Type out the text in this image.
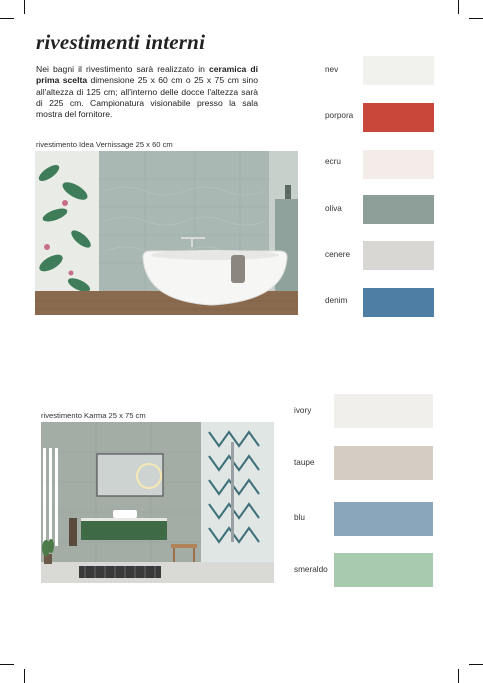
rivestimenti interni

Nei bagni il rivestimento sarà realizzato in ceramica di prima scelta dimensione 25 x 60 cm o 25 x 75 cm sino all'altezza di 125 cm; all'interno delle docce l'altezza sarà di 225 cm. Campionatura visionabile presso la sala mostra del fornitore.

rivestimento Idea Vernissage 25 x 60 cm
rivestimento Karma 25 x 75 cm
nev
porpora
ecru
oliva
cenere
denim
ivory
taupe
blu
smeraldo
